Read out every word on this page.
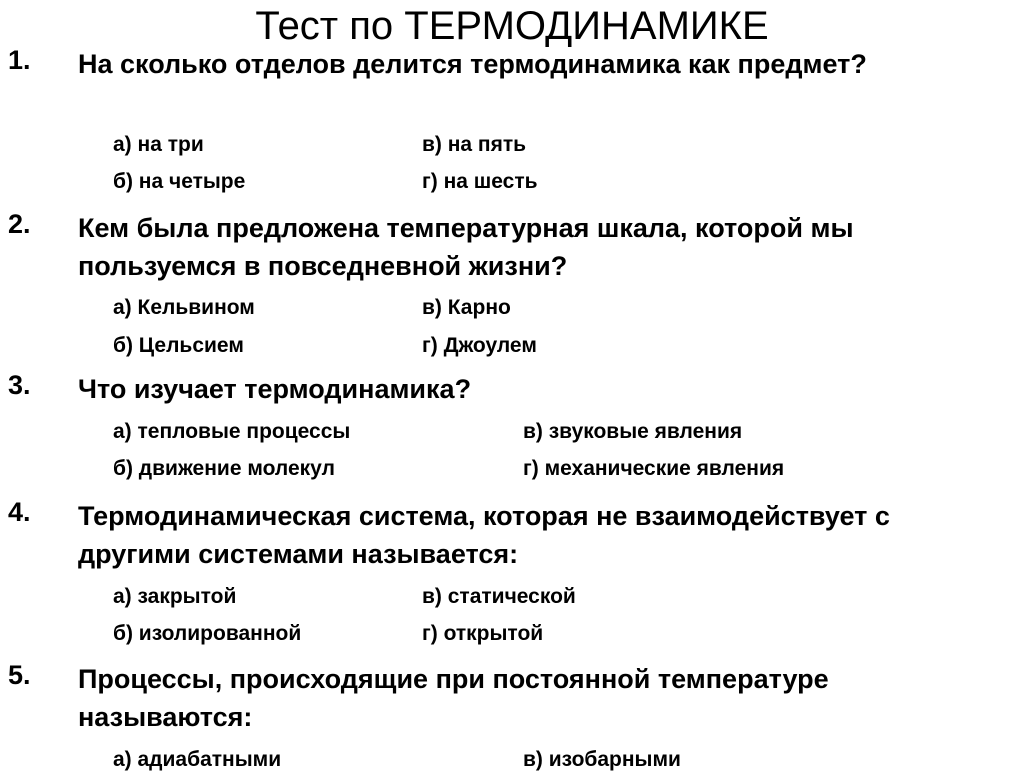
Тест по ТЕРМОДИНАМИКЕ
1. На сколько отделов делится термодинамика как предмет?
а) на три	в) на пять
б) на четыре	г) на шесть
2. Кем была предложена температурная шкала, которой мы пользуемся в повседневной жизни?
а) Кельвином	в) Карно
б) Цельсием	г) Джоулем
3. Что изучает термодинамика?
а) тепловые процессы	в) звуковые явления
б) движение молекул	г) механические явления
4. Термодинамическая система, которая не взаимодействует с другими системами называется:
а) закрытой	в) статической
б) изолированной	г) открытой
5. Процессы, происходящие при постоянной температуре называются:
а) адиабатными	в) изобарными
